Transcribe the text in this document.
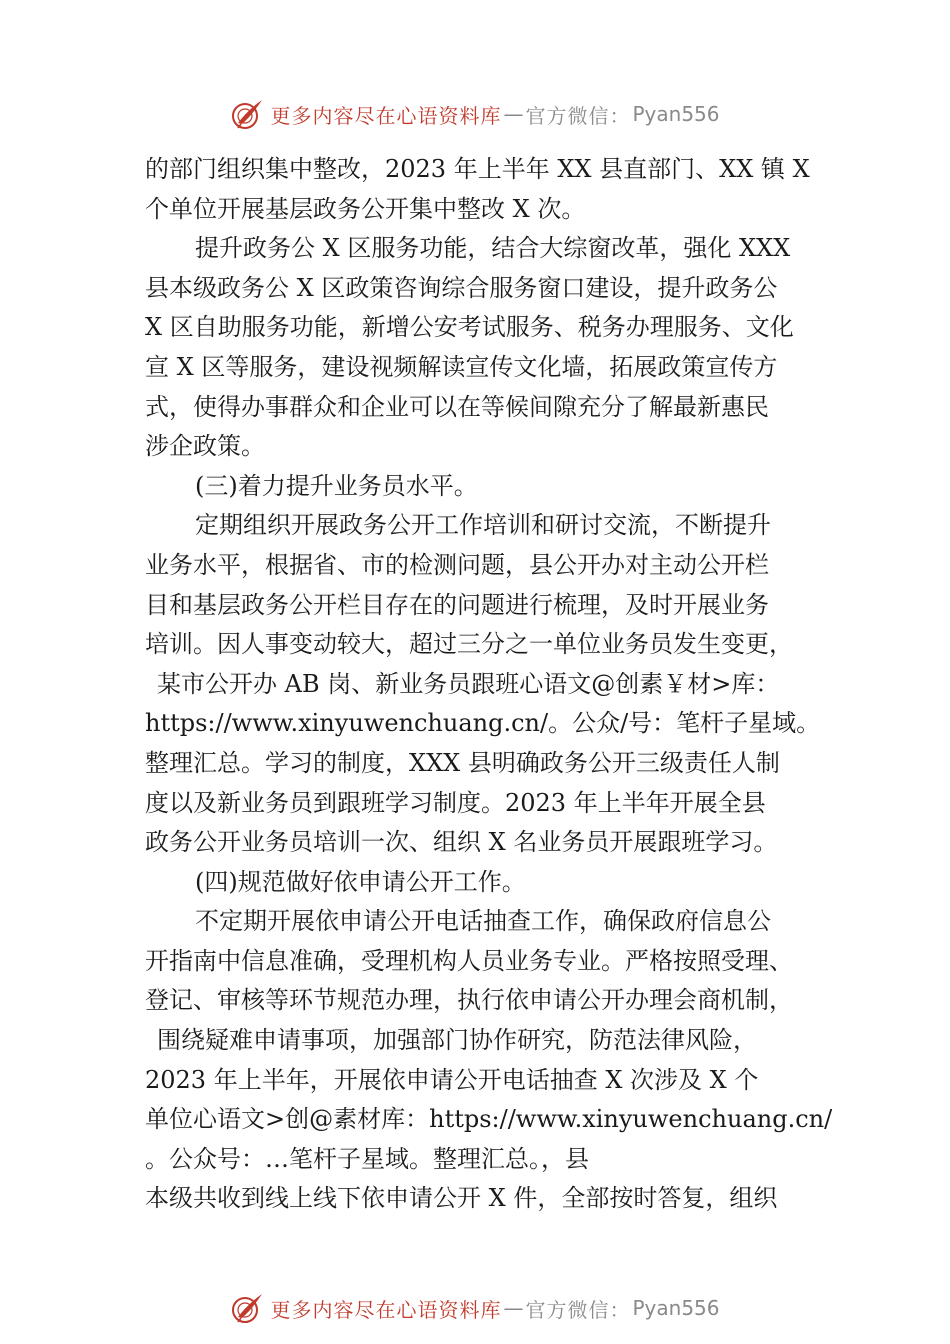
更多内容尽在心语资料库 — 官方微信： Pyan556
的部门组织集中整改，2023 年上半年 XX 县直部门、XX 镇 X
个单位开展基层政务公开集中整改 X 次。
提升政务公 X 区服务功能，结合大综窗改革，强化 XXX
县本级政务公 X 区政策咨询综合服务窗口建设，提升政务公
X 区自助服务功能，新增公安考试服务、税务办理服务、文化
宣 X 区等服务，建设视频解读宣传文化墙，拓展政策宣传方
式，使得办事群众和企业可以在等候间隙充分了解最新惠民
涉企政策。
(三)着力提升业务员水平。
定期组织开展政务公开工作培训和研讨交流，不断提升
业务水平，根据省、市的检测问题，县公开办对主动公开栏
目和基层政务公开栏目存在的问题进行梳理，及时开展业务
培训。因人事变动较大，超过三分之一单位业务员发生变更，
某市公开办 AB 岗、新业务员跟班心语文@创素￥材>库：
https://www.xinyuwenchuang.cn/。公众/号：笔杆子星域。
整理汇总。学习的制度，XXX 县明确政务公开三级责任人制
度以及新业务员到跟班学习制度。2023 年上半年开展全县
政务公开业务员培训一次、组织 X 名业务员开展跟班学习。
(四)规范做好依申请公开工作。
不定期开展依申请公开电话抽查工作，确保政府信息公
开指南中信息准确，受理机构人员业务专业。严格按照受理、
登记、审核等环节规范办理，执行依申请公开办理会商机制，
围绕疑难申请事项，加强部门协作研究，防范法律风险，
2023 年上半年，开展依申请公开电话抽查 X 次涉及 X 个
单位心语文>创@素材库：https://www.xinyuwenchuang.cn/
。公众号：…笔杆子星域。整理汇总。，县
本级共收到线上线下依申请公开 X 件，全部按时答复，组织
更多内容尽在心语资料库 — 官方微信： Pyan556
